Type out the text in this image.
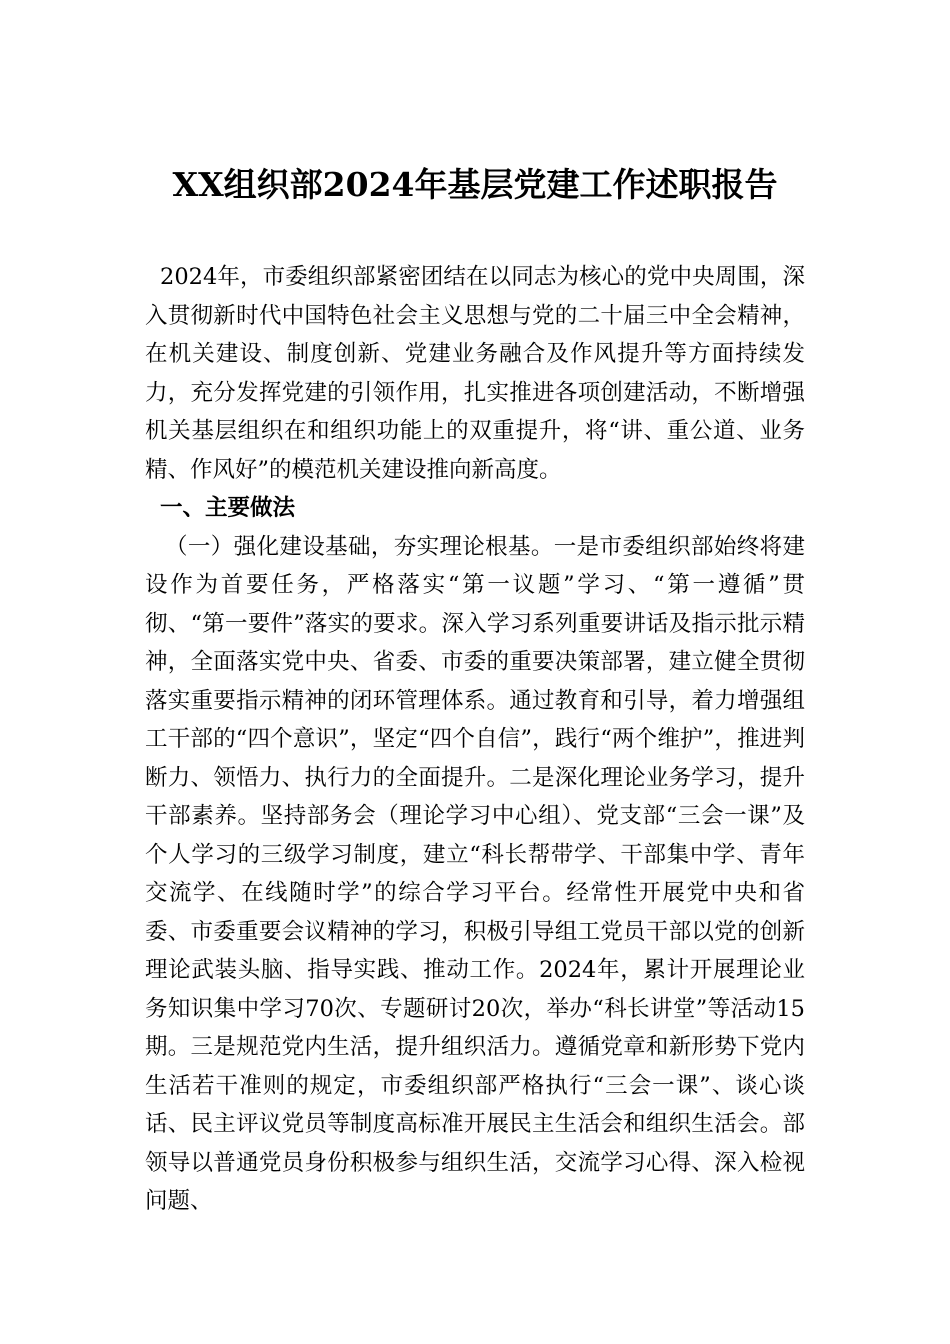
XX组织部2024年基层党建工作述职报告

2024年，市委组织部紧密团结在以同志为核心的党中央周围，深入贯彻新时代中国特色社会主义思想与党的二十届三中全会精神，在机关建设、制度创新、党建业务融合及作风提升等方面持续发力，充分发挥党建的引领作用，扎实推进各项创建活动，不断增强机关基层组织在和组织功能上的双重提升，将“讲、重公道、业务精、作风好”的模范机关建设推向新高度。

一、主要做法

（一）强化建设基础，夯实理论根基。一是市委组织部始终将建设作为首要任务，严格落实“第一议题”学习、“第一遵循”贯彻、“第一要件”落实的要求。深入学习系列重要讲话及指示批示精神，全面落实党中央、省委、市委的重要决策部署，建立健全贯彻落实重要指示精神的闭环管理体系。通过教育和引导，着力增强组工干部的“四个意识”，坚定“四个自信”，践行“两个维护”，推进判断力、领悟力、执行力的全面提升。二是深化理论业务学习，提升干部素养。坚持部务会（理论学习中心组）、党支部“三会一课”及个人学习的三级学习制度，建立“科长帮带学、干部集中学、青年交流学、在线随时学”的综合学习平台。经常性开展党中央和省委、市委重要会议精神的学习，积极引导组工党员干部以党的创新理论武装头脑、指导实践、推动工作。2024年，累计开展理论业务知识集中学习70次、专题研讨20次，举办“科长讲堂”等活动15期。三是规范党内生活，提升组织活力。遵循党章和新形势下党内生活若干准则的规定，市委组织部严格执行“三会一课”、谈心谈话、民主评议党员等制度高标准开展民主生活会和组织生活会。部领导以普通党员身份积极参与组织生活，交流学习心得、深入检视问题、
